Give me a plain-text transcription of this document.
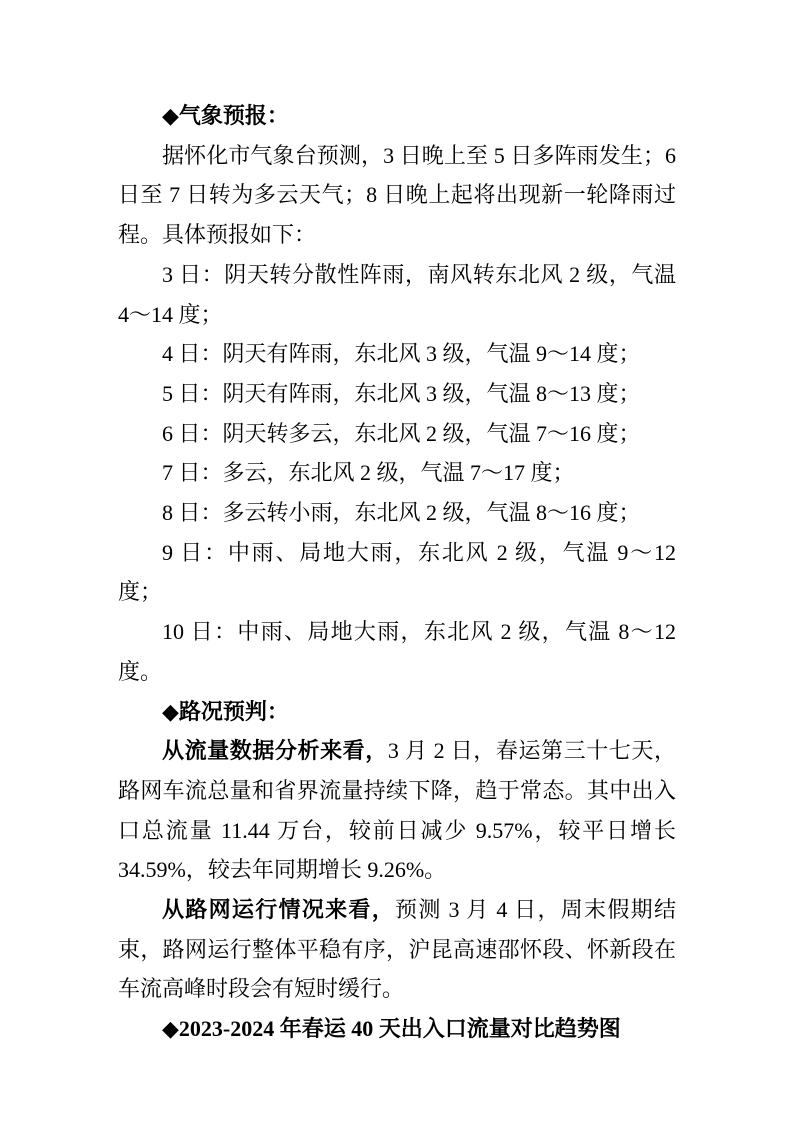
◆气象预报：

据怀化市气象台预测，3 日晚上至 5 日多阵雨发生；6 日至 7 日转为多云天气；8 日晚上起将出现新一轮降雨过程。具体预报如下：

3 日：阴天转分散性阵雨，南风转东北风 2 级，气温 4～14 度；

4 日：阴天有阵雨，东北风 3 级，气温 9～14 度；

5 日：阴天有阵雨，东北风 3 级，气温 8～13 度；

6 日：阴天转多云，东北风 2 级，气温 7～16 度；

7 日：多云，东北风 2 级，气温 7～17 度；

8 日：多云转小雨，东北风 2 级，气温 8～16 度；

9 日：中雨、局地大雨，东北风 2 级，气温 9～12 度；

10 日：中雨、局地大雨，东北风 2 级，气温 8～12 度。

◆路况预判：

从流量数据分析来看，3 月 2 日，春运第三十七天，路网车流总量和省界流量持续下降，趋于常态。其中出入口总流量 11.44 万台，较前日减少 9.57%，较平日增长 34.59%，较去年同期增长 9.26%。

从路网运行情况来看，预测 3 月 4 日，周末假期结束，路网运行整体平稳有序，沪昆高速邵怀段、怀新段在车流高峰时段会有短时缓行。

◆2023-2024 年春运 40 天出入口流量对比趋势图
